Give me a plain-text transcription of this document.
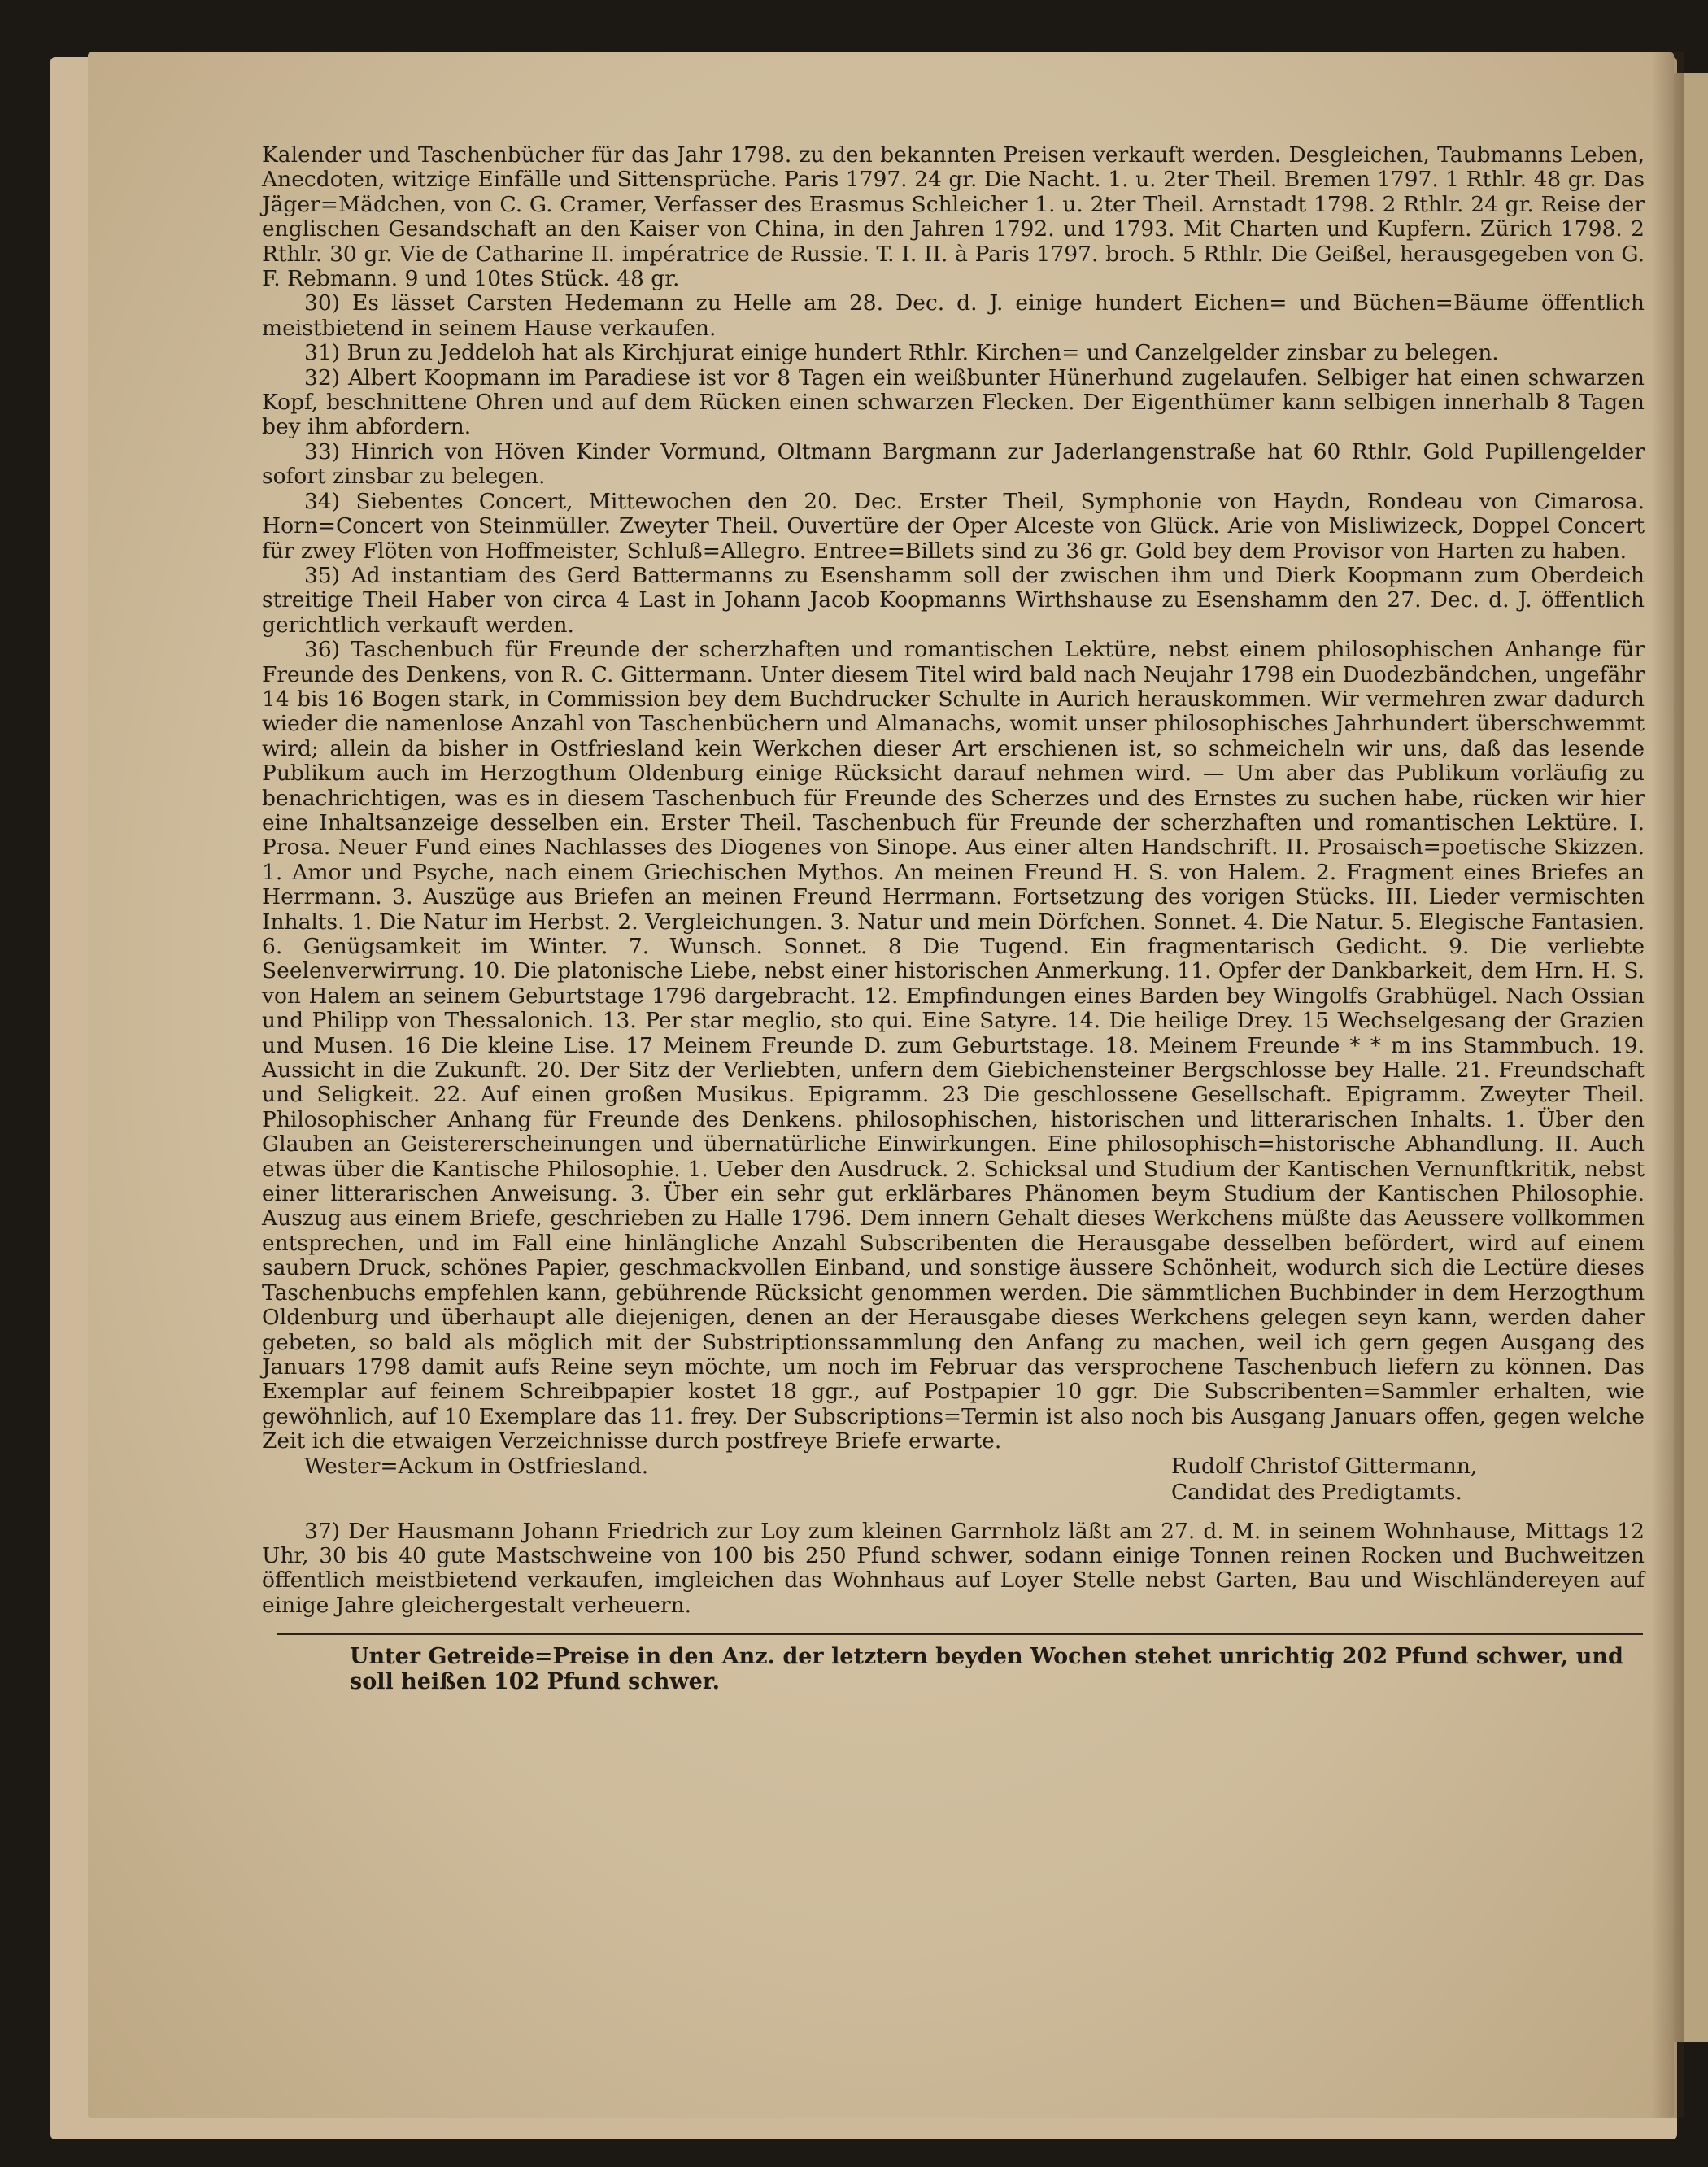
Kalender und Taschenbücher für das Jahr 1798. zu den bekannten Preisen verkauft werden. Desgleichen, Taubmanns Leben, Anecdoten, witzige Einfälle und Sittensprüche. Paris 1797. 24 gr. Die Nacht. 1. u. 2ter Theil. Bremen 1797. 1 Rthlr. 48 gr. Das Jäger=Mädchen, von C. G. Cramer, Verfasser des Erasmus Schleicher 1. u. 2ter Theil. Arnstadt 1798. 2 Rthlr. 24 gr. Reise der englischen Gesandschaft an den Kaiser von China, in den Jahren 1792. und 1793. Mit Charten und Kupfern. Zürich 1798. 2 Rthlr. 30 gr. Vie de Catharine II. impératrice de Russie. T. I. II. à Paris 1797. broch. 5 Rthlr. Die Geißel, herausgegeben von G. F. Rebmann. 9 und 10tes Stück. 48 gr.

30) Es lässet Carsten Hedemann zu Helle am 28. Dec. d. J. einige hundert Eichen= und Büchen=Bäume öffentlich meistbietend in seinem Hause verkaufen.

31) Brun zu Jeddeloh hat als Kirchjurat einige hundert Rthlr. Kirchen= und Canzelgelder zinsbar zu belegen.

32) Albert Koopmann im Paradiese ist vor 8 Tagen ein weißbunter Hünerhund zugelaufen. Selbiger hat einen schwarzen Kopf, beschnittene Ohren und auf dem Rücken einen schwarzen Flecken. Der Eigenthümer kann selbigen innerhalb 8 Tagen bey ihm abfordern.

33) Hinrich von Höven Kinder Vormund, Oltmann Bargmann zur Jaderlangenstraße hat 60 Rthlr. Gold Pupillengelder sofort zinsbar zu belegen.

34) Siebentes Concert, Mittewochen den 20. Dec. Erster Theil, Symphonie von Haydn, Rondeau von Cimarosa. Horn=Concert von Steinmüller. Zweyter Theil. Ouvertüre der Oper Alceste von Glück. Arie von Misliwizeck, Doppel Concert für zwey Flöten von Hoffmeister, Schluß=Allegro. Entree=Billets sind zu 36 gr. Gold bey dem Provisor von Harten zu haben.

35) Ad instantiam des Gerd Battermanns zu Esenshamm soll der zwischen ihm und Dierk Koopmann zum Oberdeich streitige Theil Haber von circa 4 Last in Johann Jacob Koopmanns Wirthshause zu Esenshamm den 27. Dec. d. J. öffentlich gerichtlich verkauft werden.

36) Taschenbuch für Freunde der scherzhaften und romantischen Lektüre, nebst einem philosophischen Anhange für Freunde des Denkens, von R. C. Gittermann. Unter diesem Titel wird bald nach Neujahr 1798 ein Duodezbändchen, ungefähr 14 bis 16 Bogen stark, in Commission bey dem Buchdrucker Schulte in Aurich herauskommen. Wir vermehren zwar dadurch wieder die namenlose Anzahl von Taschenbüchern und Almanachs, womit unser philosophisches Jahrhundert überschwemmt wird; allein da bisher in Ostfriesland kein Werkchen dieser Art erschienen ist, so schmeicheln wir uns, daß das lesende Publikum auch im Herzogthum Oldenburg einige Rücksicht darauf nehmen wird. — Um aber das Publikum vorläufig zu benachrichtigen, was es in diesem Taschenbuch für Freunde des Scherzes und des Ernstes zu suchen habe, rücken wir hier eine Inhaltsanzeige desselben ein. Erster Theil. Taschenbuch für Freunde der scherzhaften und romantischen Lektüre. I. Prosa. Neuer Fund eines Nachlasses des Diogenes von Sinope. Aus einer alten Handschrift. II. Prosaisch=poetische Skizzen. 1. Amor und Psyche, nach einem Griechischen Mythos. An meinen Freund H. S. von Halem. 2. Fragment eines Briefes an Herrmann. 3. Auszüge aus Briefen an meinen Freund Herrmann. Fortsetzung des vorigen Stücks. III. Lieder vermischten Inhalts. 1. Die Natur im Herbst. 2. Vergleichungen. 3. Natur und mein Dörfchen. Sonnet. 4. Die Natur. 5. Elegische Fantasien. 6. Genügsamkeit im Winter. 7. Wunsch. Sonnet. 8 Die Tugend. Ein fragmentarisch Gedicht. 9. Die verliebte Seelenverwirrung. 10. Die platonische Liebe, nebst einer historischen Anmerkung. 11. Opfer der Dankbarkeit, dem Hrn. H. S. von Halem an seinem Geburtstage 1796 dargebracht. 12. Empfindungen eines Barden bey Wingolfs Grabhügel. Nach Ossian und Philipp von Thessalonich. 13. Per star meglio, sto qui. Eine Satyre. 14. Die heilige Drey. 15 Wechselgesang der Grazien und Musen. 16 Die kleine Lise. 17 Meinem Freunde D. zum Geburtstage. 18. Meinem Freunde * * m ins Stammbuch. 19. Aussicht in die Zukunft. 20. Der Sitz der Verliebten, unfern dem Giebichensteiner Bergschlosse bey Halle. 21. Freundschaft und Seligkeit. 22. Auf einen großen Musikus. Epigramm. 23 Die geschlossene Gesellschaft. Epigramm. Zweyter Theil. Philosophischer Anhang für Freunde des Denkens. philosophischen, historischen und litterarischen Inhalts. 1. Über den Glauben an Geistererscheinungen und übernatürliche Einwirkungen. Eine philosophisch=historische Abhandlung. II. Auch etwas über die Kantische Philosophie. 1. Ueber den Ausdruck. 2. Schicksal und Studium der Kantischen Vernunftkritik, nebst einer litterarischen Anweisung. 3. Über ein sehr gut erklärbares Phänomen beym Studium der Kantischen Philosophie. Auszug aus einem Briefe, geschrieben zu Halle 1796. Dem innern Gehalt dieses Werkchens müßte das Aeussere vollkommen entsprechen, und im Fall eine hinlängliche Anzahl Subscribenten die Herausgabe desselben befördert, wird auf einem saubern Druck, schönes Papier, geschmackvollen Einband, und sonstige äussere Schönheit, wodurch sich die Lectüre dieses Taschenbuchs empfehlen kann, gebührende Rücksicht genommen werden. Die sämmtlichen Buchbinder in dem Herzogthum Oldenburg und überhaupt alle diejenigen, denen an der Herausgabe dieses Werkchens gelegen seyn kann, werden daher gebeten, so bald als möglich mit der Substriptionssammlung den Anfang zu machen, weil ich gern gegen Ausgang des Januars 1798 damit aufs Reine seyn möchte, um noch im Februar das versprochene Taschenbuch liefern zu können. Das Exemplar auf feinem Schreibpapier kostet 18 ggr., auf Postpapier 10 ggr. Die Subscribenten=Sammler erhalten, wie gewöhnlich, auf 10 Exemplare das 11. frey. Der Subscriptions=Termin ist also noch bis Ausgang Januars offen, gegen welche Zeit ich die etwaigen Verzeichnisse durch postfreye Briefe erwarte.

Wester=Ackum in Ostfriesland.	Rudolf Christof Gittermann,
Candidat des Predigtamts.

37) Der Hausmann Johann Friedrich zur Loy zum kleinen Garrnholz läßt am 27. d. M. in seinem Wohnhause, Mittags 12 Uhr, 30 bis 40 gute Mastschweine von 100 bis 250 Pfund schwer, sodann einige Tonnen reinen Rocken und Buchweitzen öffentlich meistbietend verkaufen, imgleichen das Wohnhaus auf Loyer Stelle nebst Garten, Bau und Wischländereyen auf einige Jahre gleichergestalt verheuern.

Unter Getreide=Preise in den Anz. der letztern beyden Wochen stehet unrichtig 202 Pfund schwer, und soll heißen 102 Pfund schwer.
